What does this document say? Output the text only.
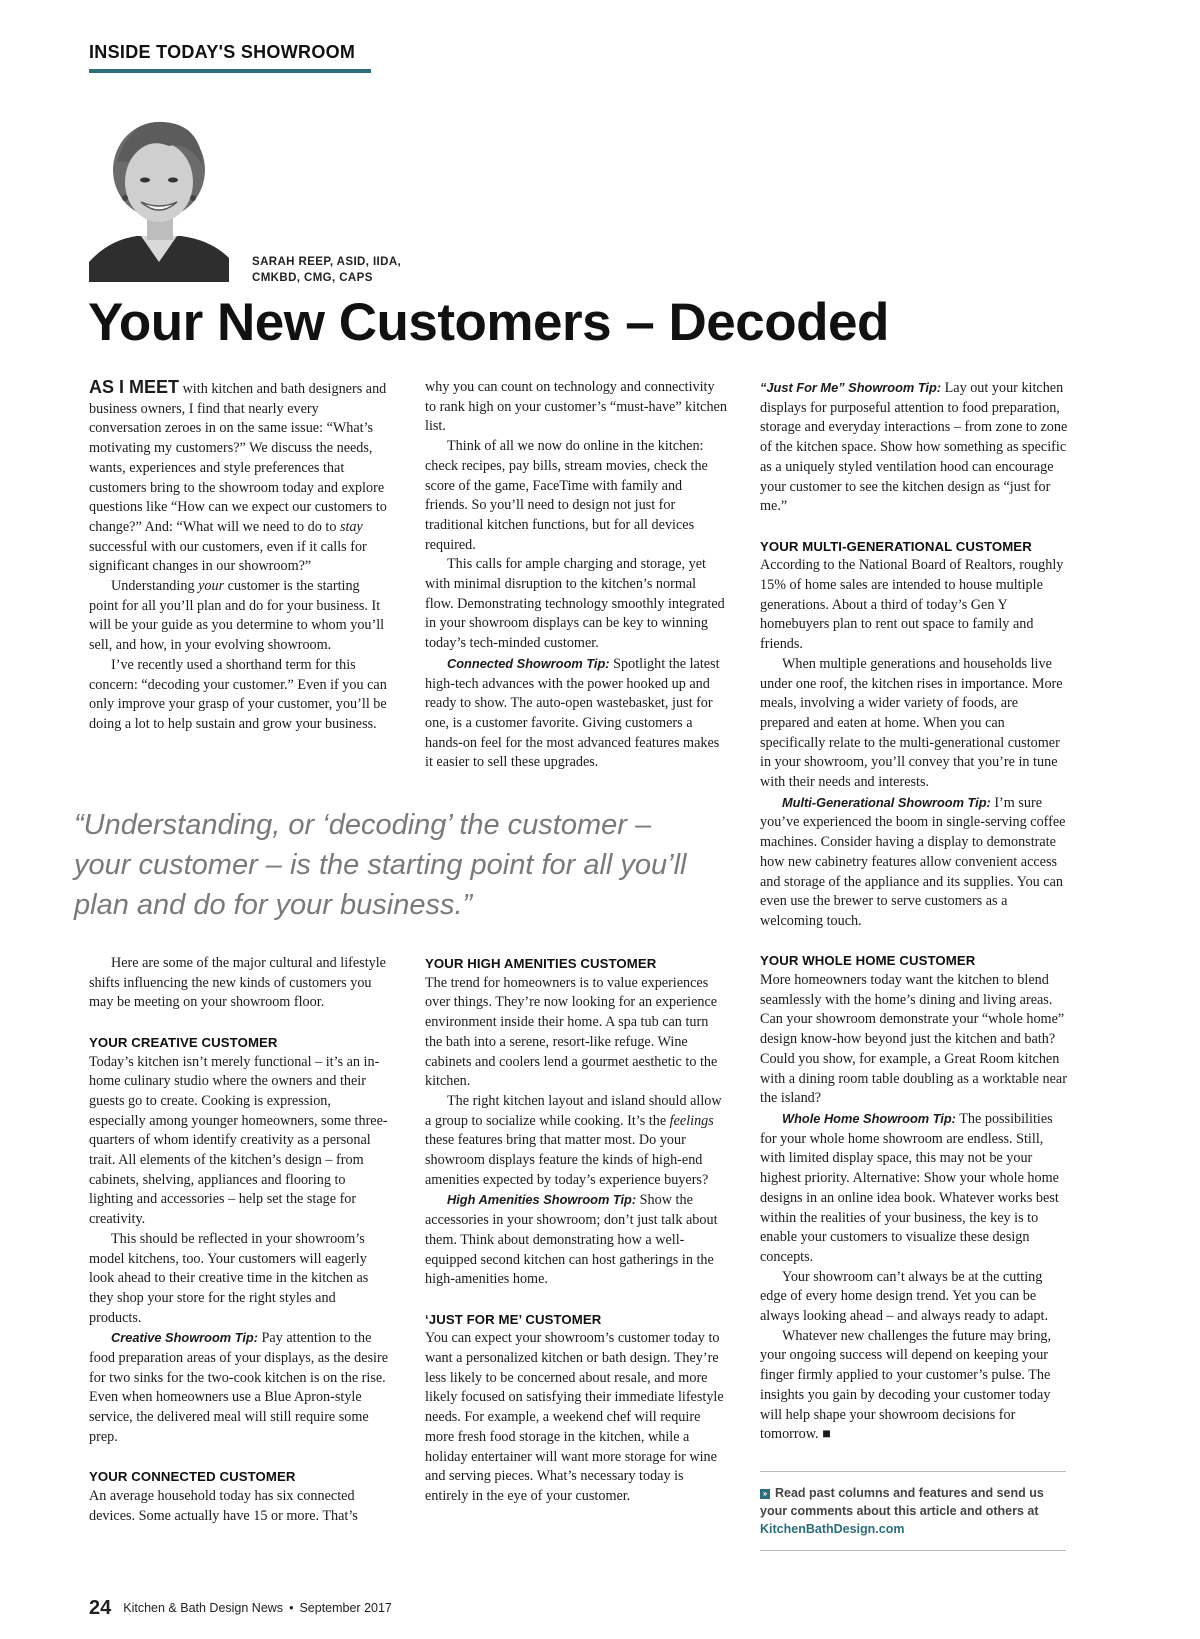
INSIDE TODAY'S SHOWROOM
SARAH REEP, ASID, IIDA,
CMKBD, CMG, CAPS
Your New Customers – Decoded

AS I MEET with kitchen and bath designers and business owners, I find that nearly every conversation zeroes in on the same issue: “What’s motivating my customers?” We discuss the needs, wants, experiences and style preferences that customers bring to the showroom today and explore questions like “How can we expect our customers to change?” And: “What will we need to do to stay successful with our customers, even if it calls for significant changes in our showroom?”

Understanding your customer is the starting point for all you’ll plan and do for your business. It will be your guide as you determine to whom you’ll sell, and how, in your evolving showroom.

I’ve recently used a shorthand term for this concern: “decoding your customer.” Even if you can only improve your grasp of your customer, you’ll be doing a lot to help sustain and grow your business.

why you can count on technology and connectivity to rank high on your customer’s “must-have” kitchen list.

Think of all we now do online in the kitchen: check recipes, pay bills, stream movies, check the score of the game, FaceTime with family and friends. So you’ll need to design not just for traditional kitchen functions, but for all devices required.

This calls for ample charging and storage, yet with minimal disruption to the kitchen’s normal flow. Demonstrating technology smoothly integrated in your showroom displays can be key to winning today’s tech-minded customer.

Connected Showroom Tip: Spotlight the latest high-tech advances with the power hooked up and ready to show. The auto-open wastebasket, just for one, is a customer favorite. Giving customers a hands-on feel for the most advanced features makes it easier to sell these upgrades.

“Understanding, or ‘decoding’ the customer – your customer – is the starting point for all you’ll plan and do for your business.”

“Just For Me” Showroom Tip: Lay out your kitchen displays for purposeful attention to food preparation, storage and everyday interactions – from zone to zone of the kitchen space. Show how something as specific as a uniquely styled ventilation hood can encourage your customer to see the kitchen design as “just for me.”

YOUR MULTI-GENERATIONAL CUSTOMER

According to the National Board of Realtors, roughly 15% of home sales are intended to house multiple generations. About a third of today’s Gen Y homebuyers plan to rent out space to family and friends.

When multiple generations and households live under one roof, the kitchen rises in importance. More meals, involving a wider variety of foods, are prepared and eaten at home. When you can specifically relate to the multi-generational customer in your showroom, you’ll convey that you’re in tune with their needs and interests.

Multi-Generational Showroom Tip: I’m sure you’ve experienced the boom in single-serving coffee machines. Consider having a display to demonstrate how new cabinetry features allow convenient access and storage of the appliance and its supplies. You can even use the brewer to serve customers as a welcoming touch.

YOUR WHOLE HOME CUSTOMER

More homeowners today want the kitchen to blend seamlessly with the home’s dining and living areas. Can your showroom demonstrate your “whole home” design know-how beyond just the kitchen and bath? Could you show, for example, a Great Room kitchen with a dining room table doubling as a worktable near the island?

Whole Home Showroom Tip: The possibilities for your whole home showroom are endless. Still, with limited display space, this may not be your highest priority. Alternative: Show your whole home designs in an online idea book. Whatever works best within the realities of your business, the key is to enable your customers to visualize these design concepts.

Your showroom can’t always be at the cutting edge of every home design trend. Yet you can be always looking ahead – and always ready to adapt.

Whatever new challenges the future may bring, your ongoing success will depend on keeping your finger firmly applied to your customer’s pulse. The insights you gain by decoding your customer today will help shape your showroom decisions for tomorrow. ■

Here are some of the major cultural and lifestyle shifts influencing the new kinds of customers you may be meeting on your showroom floor.

YOUR CREATIVE CUSTOMER

Today’s kitchen isn’t merely functional – it’s an in-home culinary studio where the owners and their guests go to create. Cooking is expression, especially among younger homeowners, some three-quarters of whom identify creativity as a personal trait. All elements of the kitchen’s design – from cabinets, shelving, appliances and flooring to lighting and accessories – help set the stage for creativity.

This should be reflected in your showroom’s model kitchens, too. Your customers will eagerly look ahead to their creative time in the kitchen as they shop your store for the right styles and products.

Creative Showroom Tip: Pay attention to the food preparation areas of your displays, as the desire for two sinks for the two-cook kitchen is on the rise. Even when homeowners use a Blue Apron-style service, the delivered meal will still require some prep.

YOUR CONNECTED CUSTOMER

An average household today has six connected devices. Some actually have 15 or more. That’s

YOUR HIGH AMENITIES CUSTOMER

The trend for homeowners is to value experiences over things. They’re now looking for an experience environment inside their home. A spa tub can turn the bath into a serene, resort-like refuge. Wine cabinets and coolers lend a gourmet aesthetic to the kitchen.

The right kitchen layout and island should allow a group to socialize while cooking. It’s the feelings these features bring that matter most. Do your showroom displays feature the kinds of high-end amenities expected by today’s experience buyers?

High Amenities Showroom Tip: Show the accessories in your showroom; don’t just talk about them. Think about demonstrating how a well-equipped second kitchen can host gatherings in the high-amenities home.

‘JUST FOR ME’ CUSTOMER

You can expect your showroom’s customer today to want a personalized kitchen or bath design. They’re less likely to be concerned about resale, and more likely focused on satisfying their immediate lifestyle needs. For example, a weekend chef will require more fresh food storage in the kitchen, while a holiday entertainer will want more storage for wine and serving pieces. What’s necessary today is entirely in the eye of your customer.	» Read past columns and features and send us your comments about this article and others at KitchenBathDesign.com
24 Kitchen & Bath Design News • September 2017
